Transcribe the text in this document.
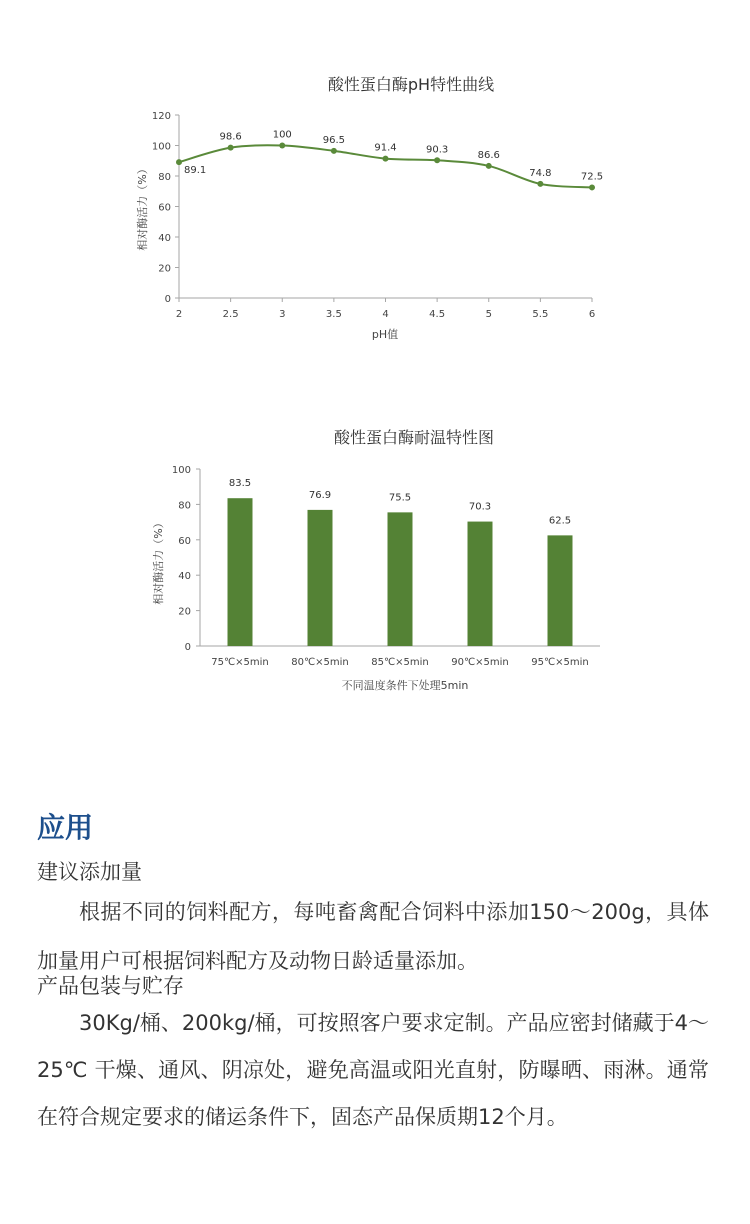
酸性蛋白酶pH特性曲线
相对酶活力（%）
pH值
0
20
40
60
80
100
120
2	2.5	3	3.5	4	4.5	5	5.5	6
89.1
98.6	100	96.5
91.4	90.3
86.6
74.8	72.5
酸性蛋白酶耐温特性图
相对酶活力（%）
不同温度条件下处理5min
0
20
40
60
80
100
83.5
76.9	75.5
70.3
62.5
75℃×5min 80℃×5min 85℃×5min 90℃×5min 95℃×5min
应用

建议添加量

根据不同的饲料配方，每吨畜禽配合饲料中添加150～200g，具体加量用户可根据饲料配方及动物日龄适量添加。

产品包装与贮存

30Kg/桶、200kg/桶，可按照客户要求定制。产品应密封储藏于4～25℃ 干燥、通风、阴凉处，避免高温或阳光直射，防曝晒、雨淋。通常在符合规定要求的储运条件下，固态产品保质期12个月。
